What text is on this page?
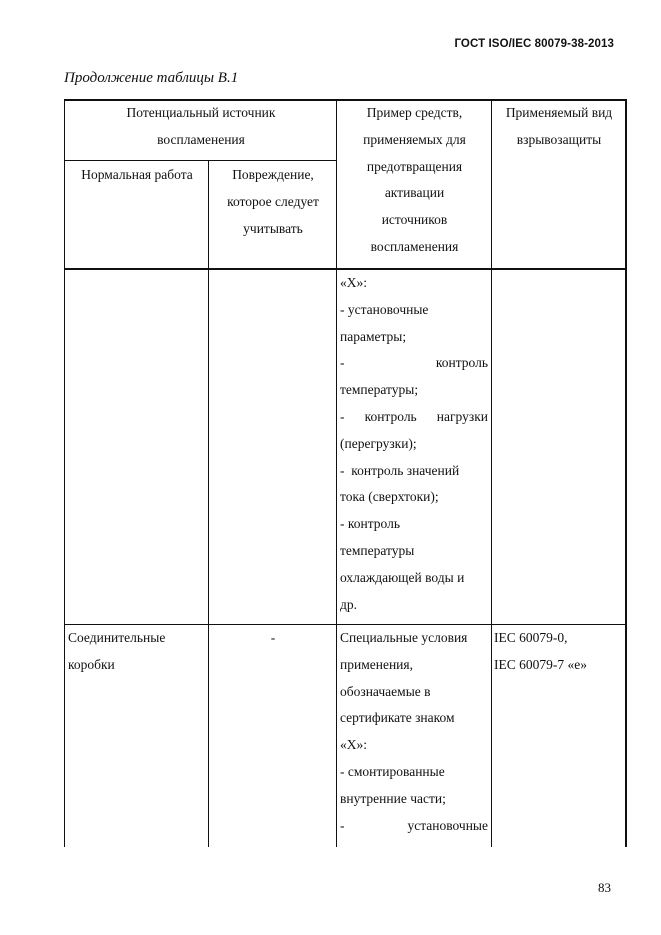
ГОСТ ISO/IEC 80079-38-2013
Продолжение таблицы В.1
Потенциальный источник
воспламенения
Нормальная работа	Повреждение,
которое следует
учитывать
Пример средств,
применяемых для
предотвращения
активации
источников
воспламенения
Применяемый вид
взрывозащиты
«Х»:
- установочные
параметры;
-                контроль
температуры;
-  контроль  нагрузки
(перегрузки);
-  контроль значений
тока (сверхтоки);
- контроль
температуры
охлаждающей воды и
др.
Соединительные
коробки
-	Специальные условия
применения,
обозначаемые в
сертификате знаком
«Х»:
- смонтированные
внутренние части;
-           установочные
IEC 60079-0,
IEC 60079-7 «е»
83
